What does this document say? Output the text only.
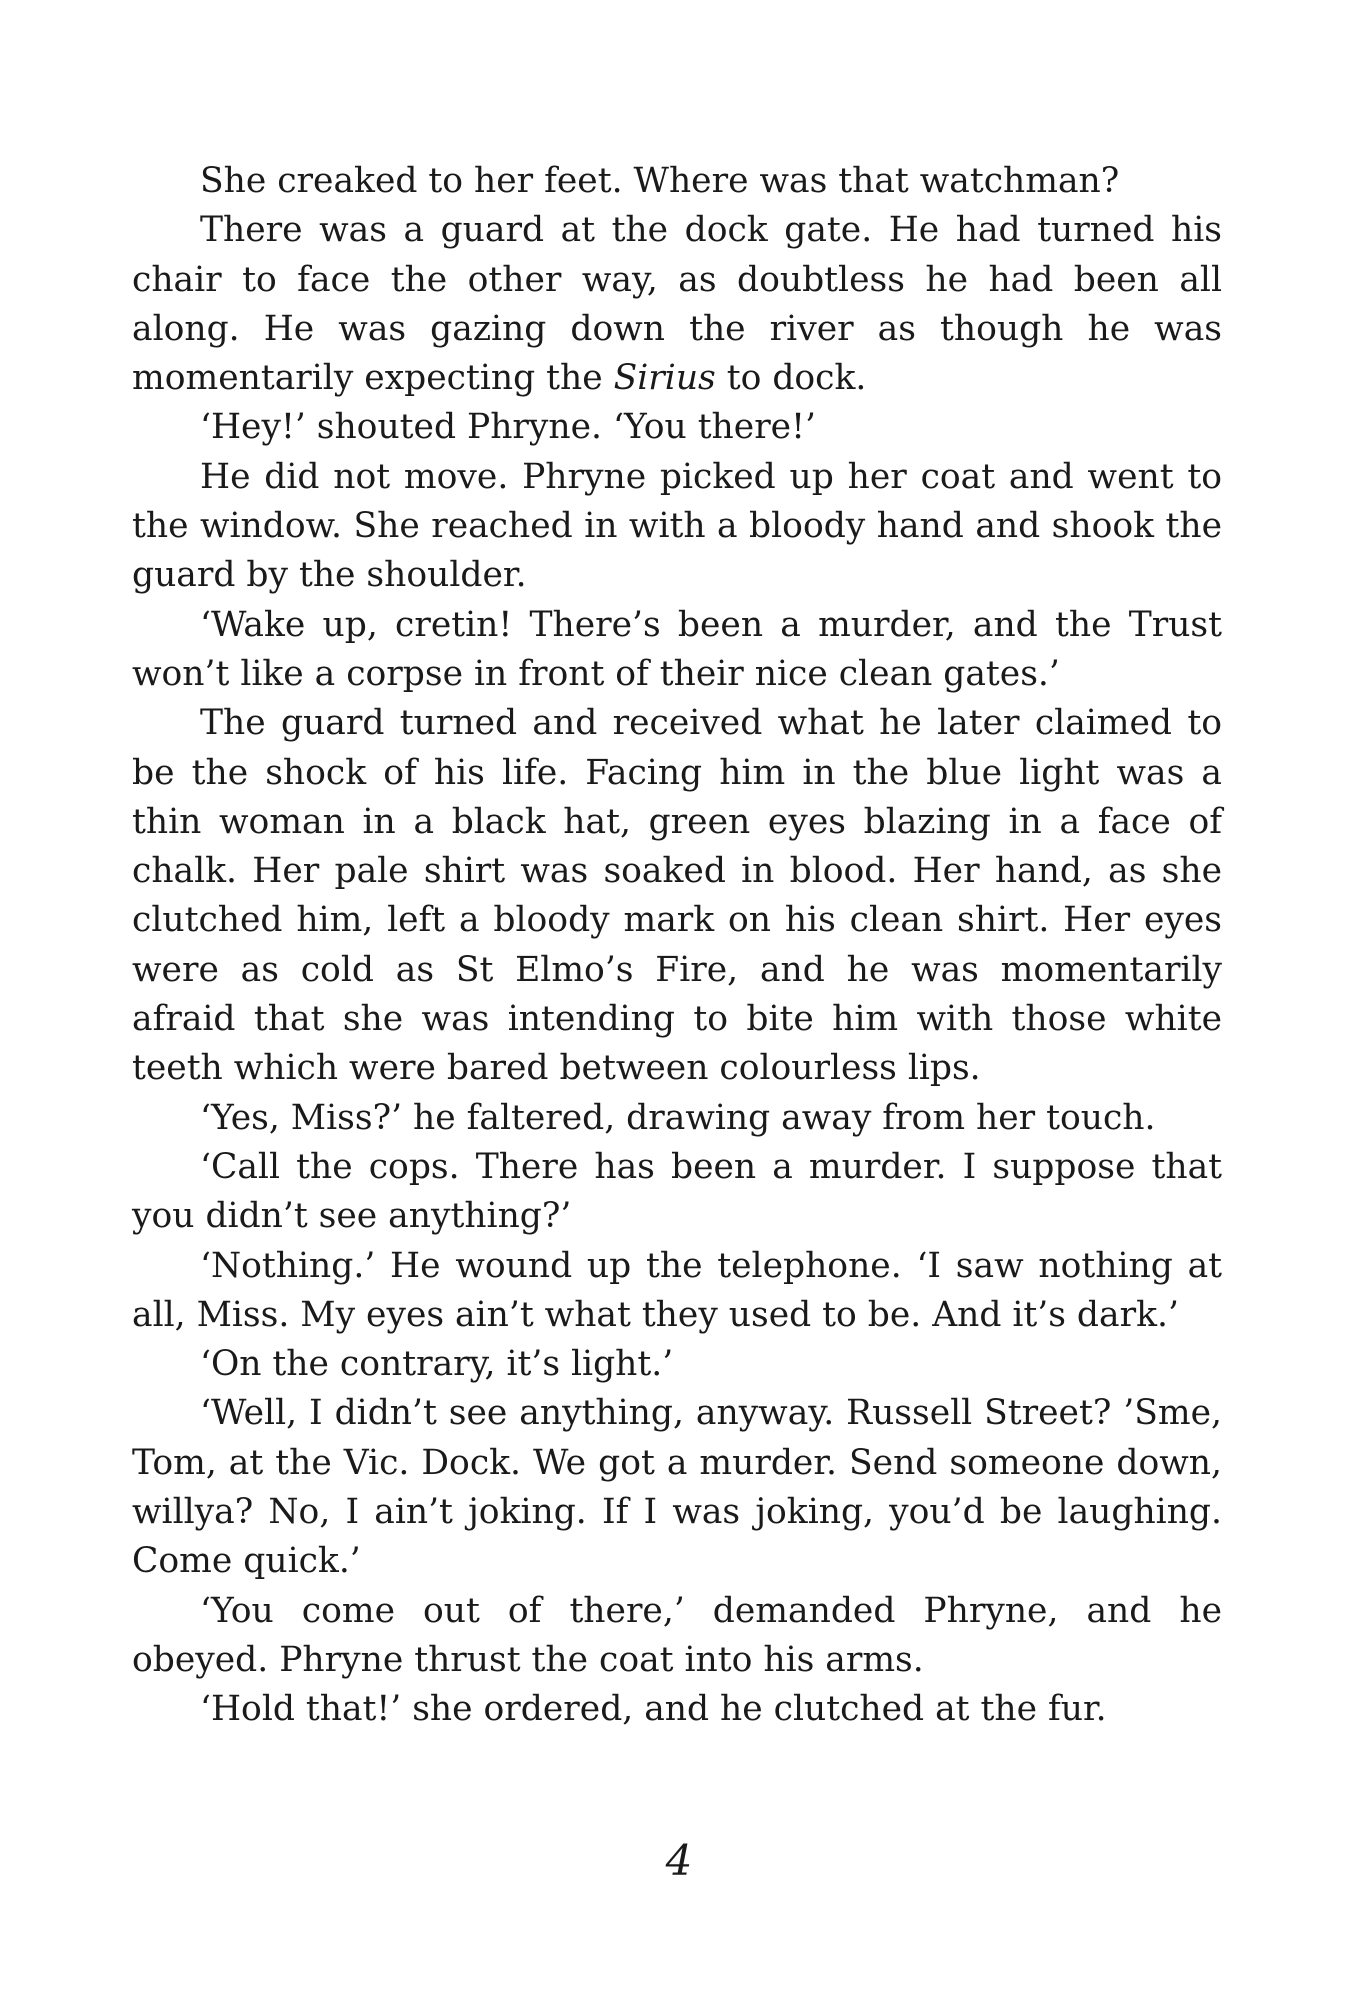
She creaked to her feet. Where was that watchman?

There was a guard at the dock gate. He had turned his chair to face the other way, as doubtless he had been all along. He was gazing down the river as though he was momentarily expecting the Sirius to dock.

‘Hey!’ shouted Phryne. ‘You there!’

He did not move. Phryne picked up her coat and went to the window. She reached in with a bloody hand and shook the guard by the shoulder.

‘Wake up, cretin! There’s been a murder, and the Trust won’t like a corpse in front of their nice clean gates.’

The guard turned and received what he later claimed to be the shock of his life. Facing him in the blue light was a thin woman in a black hat, green eyes blazing in a face of chalk. Her pale shirt was soaked in blood. Her hand, as she clutched him, left a bloody mark on his clean shirt. Her eyes were as cold as St Elmo’s Fire, and he was momentarily afraid that she was intending to bite him with those white teeth which were bared between colourless lips.

‘Yes, Miss?’ he faltered, drawing away from her touch.

‘Call the cops. There has been a murder. I suppose that you didn’t see anything?’

‘Nothing.’ He wound up the telephone. ‘I saw nothing at all, Miss. My eyes ain’t what they used to be. And it’s dark.’

‘On the contrary, it’s light.’

‘Well, I didn’t see anything, anyway. Russell Street? ’Sme, Tom, at the Vic. Dock. We got a murder. Send someone down, willya? No, I ain’t joking. If I was joking, you’d be laughing. Come quick.’

‘You come out of there,’ demanded Phryne, and he obeyed. Phryne thrust the coat into his arms.

‘Hold that!’ she ordered, and he clutched at the fur.

4
